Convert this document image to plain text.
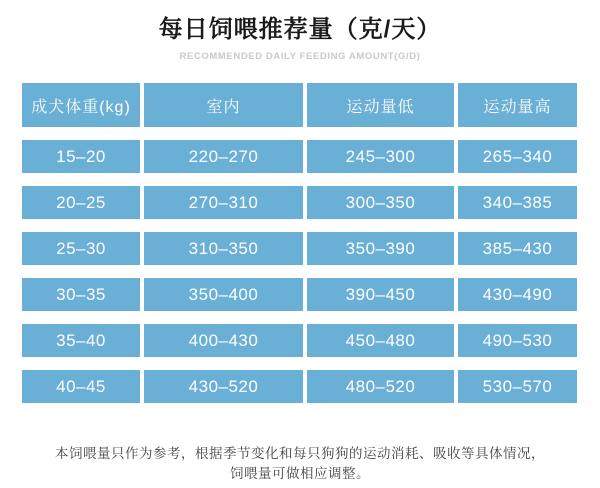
每日饲喂推荐量（克/天）
RECOMMENDED DAILY FEEDING AMOUNT(G/D)
成犬体重(kg)	室内	运动量低	运动量高
15–20	220–270	245–300	265–340
20–25	270–310	300–350	340–385
25–30	310–350	350–390	385–430
30–35	350–400	390–450	430–490
35–40	400–430	450–480	490–530
40–45	430–520	480–520	530–570
本饲喂量只作为参考，根据季节变化和每只狗狗的运动消耗、吸收等具体情况，
饲喂量可做相应调整。
